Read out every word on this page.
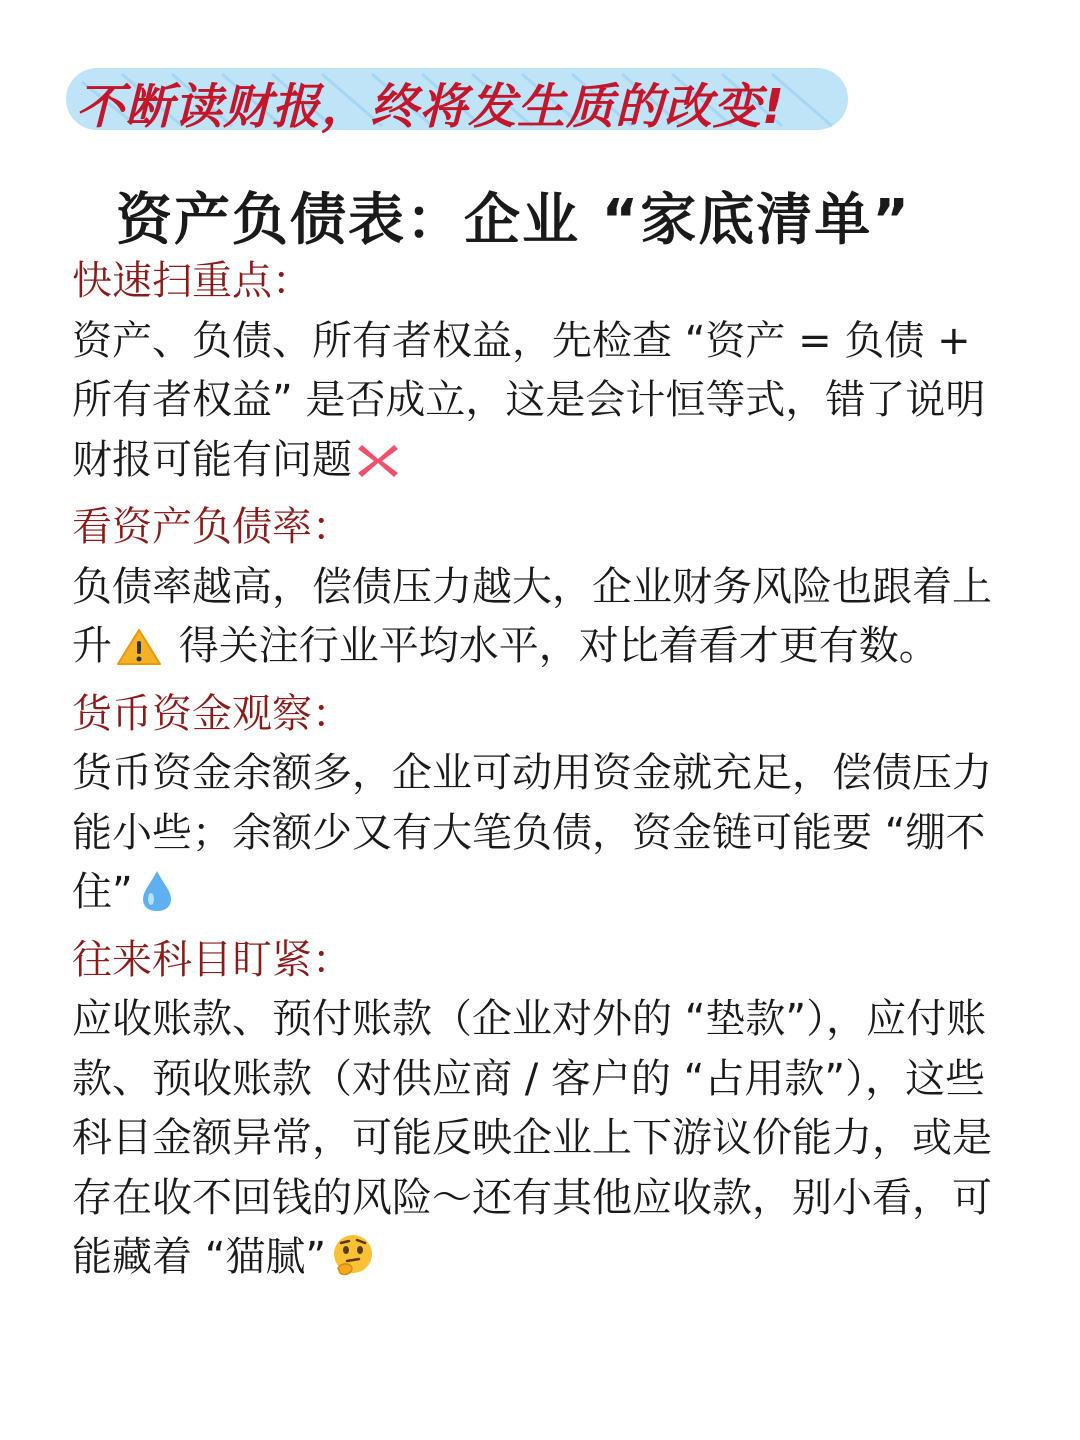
不断读财报，终将发生质的改变!
资产负债表：企业 “家底清单”
快速扫重点：
资产、负债、所有者权益，先检查 “资产 = 负债 + 所有者权益” 是否成立，这是会计恒等式，错了说明财报可能有问题
看资产负债率：
负债率越高，偿债压力越大，企业财务风险也跟着上升 得关注行业平均水平，对比着看才更有数。
货币资金观察：
货币资金余额多，企业可动用资金就充足，偿债压力能小些；余额少又有大笔负债，资金链可能要 “绷不住”
往来科目盯紧：
应收账款、预付账款（企业对外的 “垫款”），应付账款、预收账款（对供应商 / 客户的 “占用款”），这些科目金额异常，可能反映企业上下游议价能力，或是存在收不回钱的风险～还有其他应收款，别小看，可能藏着 “猫腻”
